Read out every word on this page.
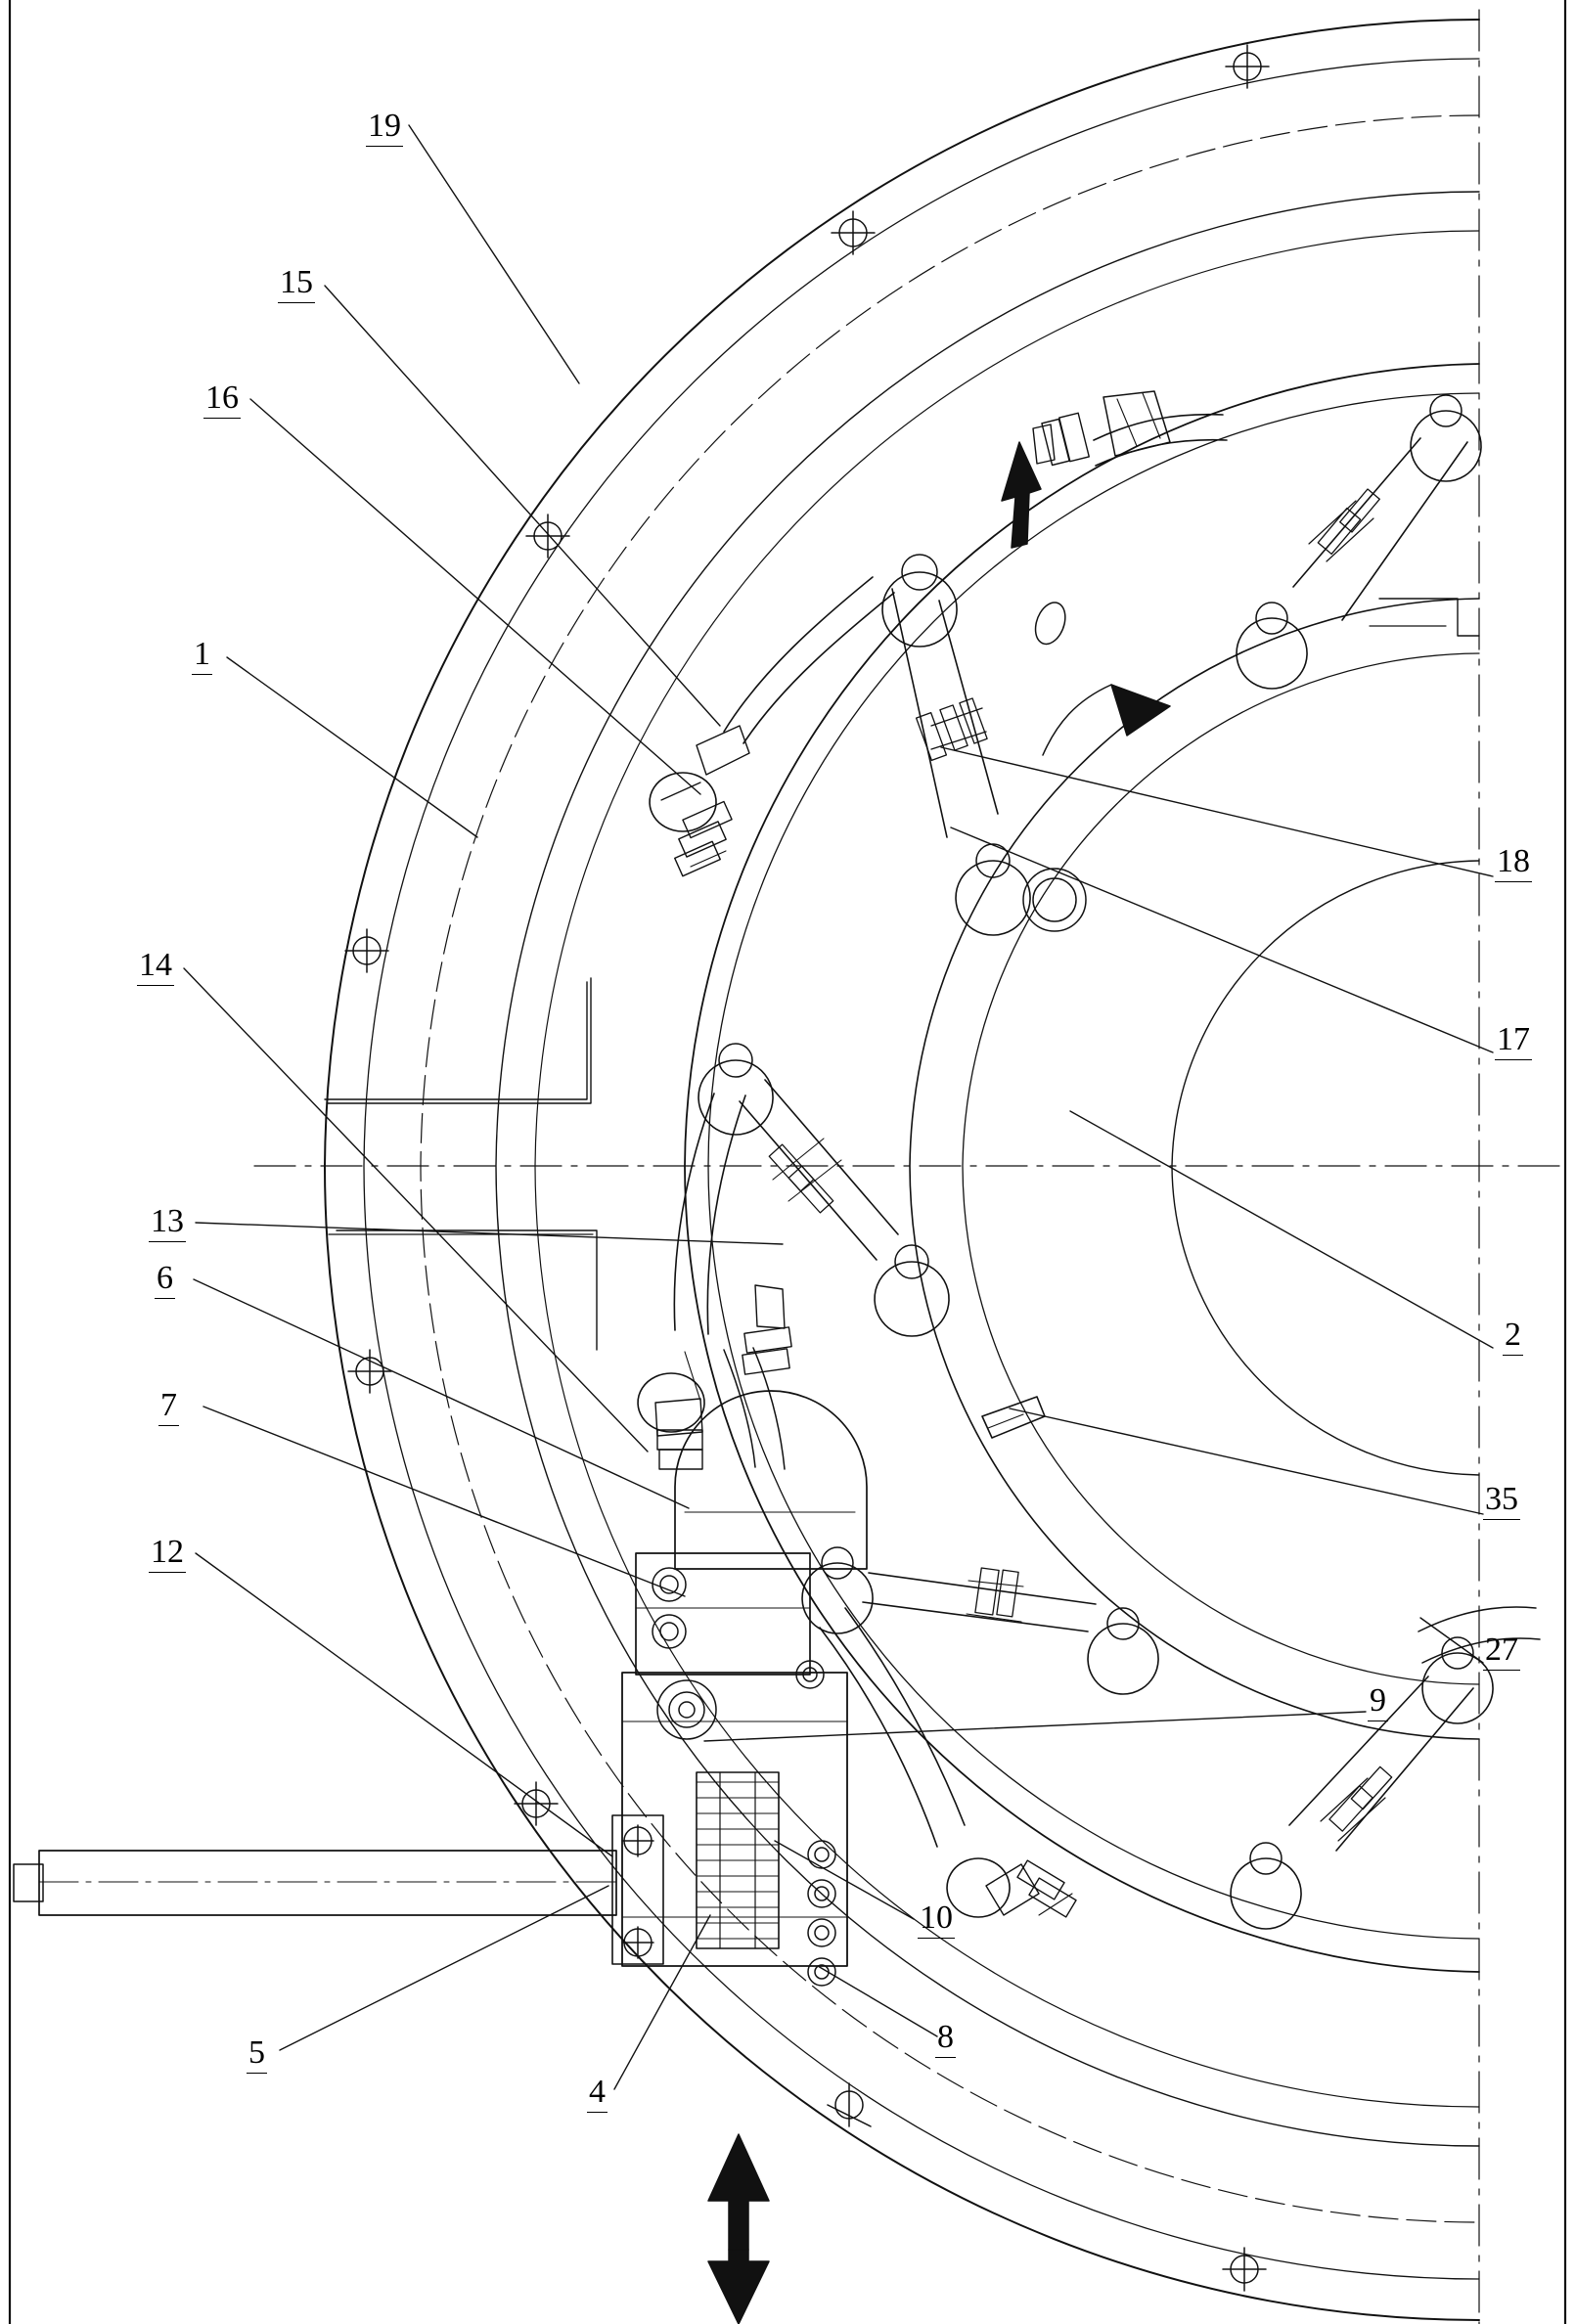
19
15
16
1
14
13
6
7
12
5
4
8
10
9
18
17
2
35
27
